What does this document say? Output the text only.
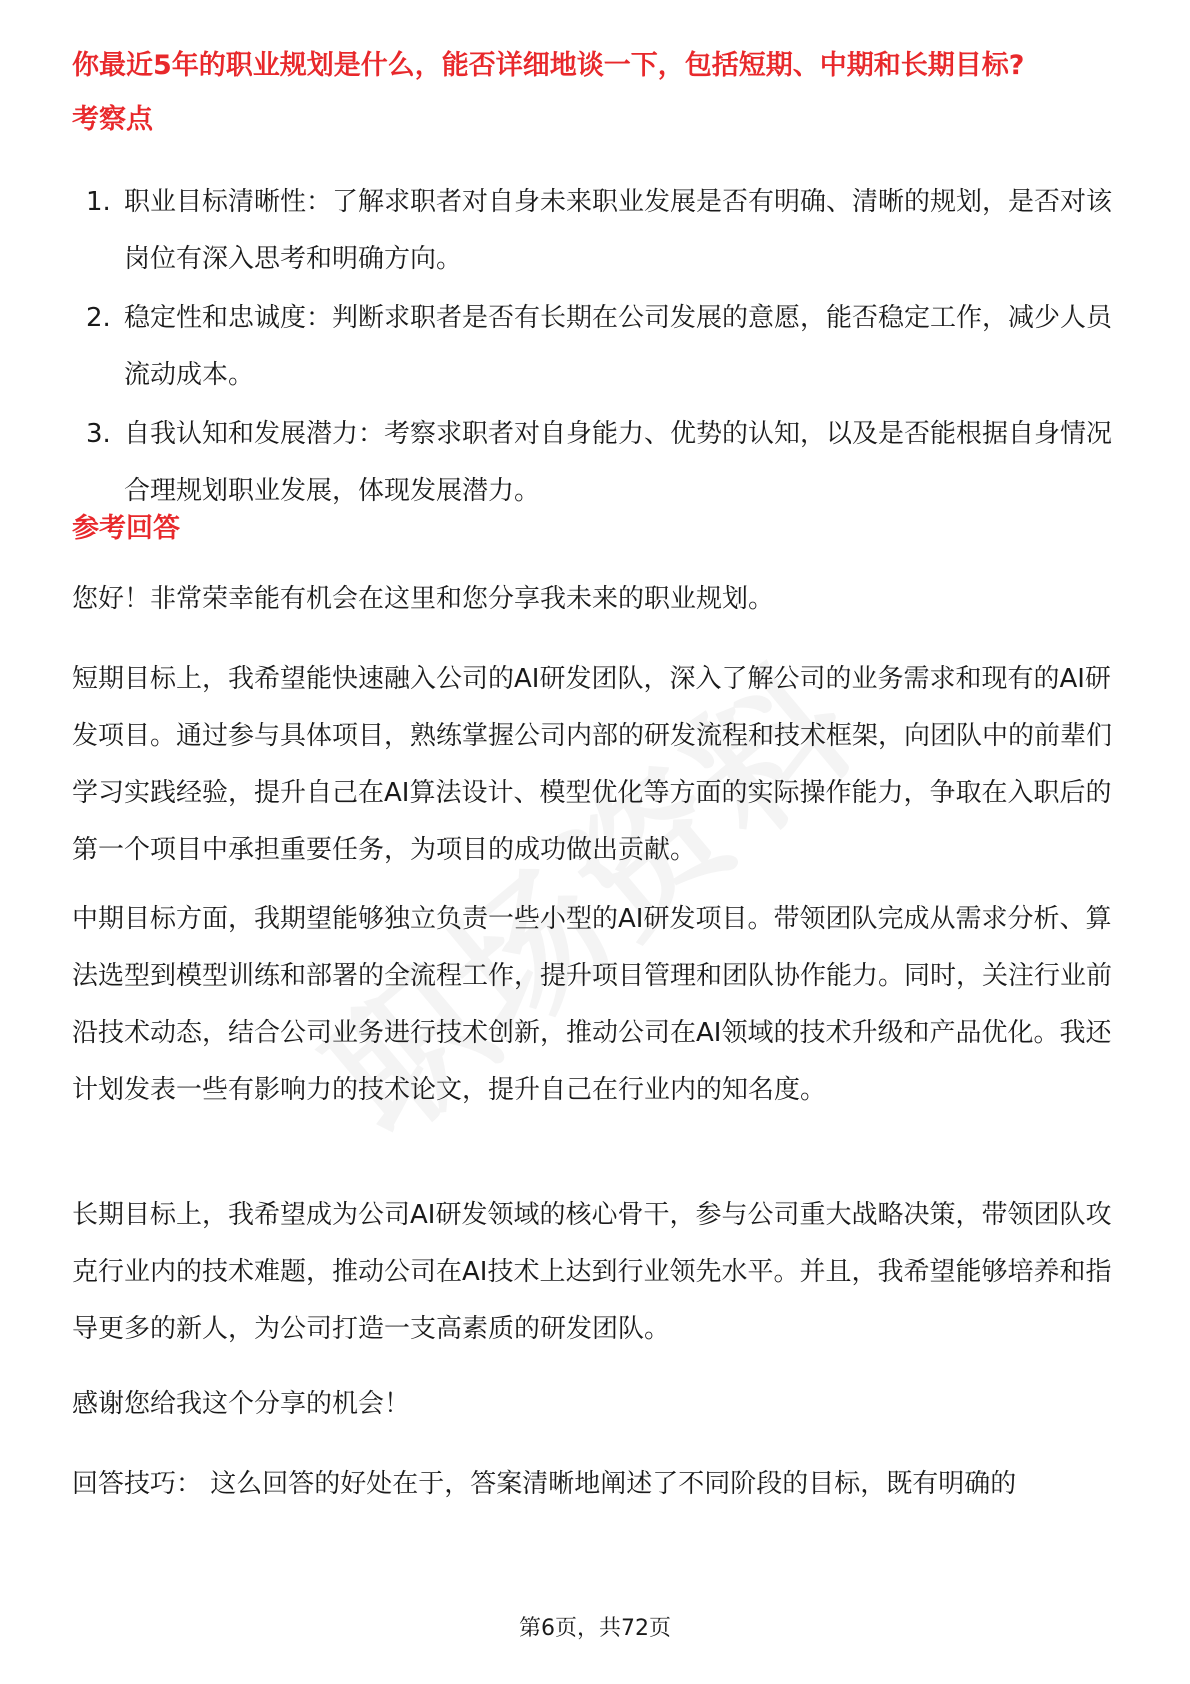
你最近5年的职业规划是什么，能否详细地谈一下，包括短期、中期和长期目标?
考察点
1. 职业目标清晰性：了解求职者对自身未来职业发展是否有明确、清晰的规划，是否对该岗位有深入思考和明确方向。
2. 稳定性和忠诚度：判断求职者是否有长期在公司发展的意愿，能否稳定工作，减少人员流动成本。
3. 自我认知和发展潜力：考察求职者对自身能力、优势的认知，以及是否能根据自身情况合理规划职业发展，体现发展潜力。
参考回答
您好！非常荣幸能有机会在这里和您分享我未来的职业规划。
短期目标上，我希望能快速融入公司的AI研发团队，深入了解公司的业务需求和现有的AI研发项目。通过参与具体项目，熟练掌握公司内部的研发流程和技术框架，向团队中的前辈们学习实践经验，提升自己在AI算法设计、模型优化等方面的实际操作能力，争取在入职后的第一个项目中承担重要任务，为项目的成功做出贡献。
中期目标方面，我期望能够独立负责一些小型的AI研发项目。带领团队完成从需求分析、算法选型到模型训练和部署的全流程工作，提升项目管理和团队协作能力。同时，关注行业前沿技术动态，结合公司业务进行技术创新，推动公司在AI领域的技术升级和产品优化。我还计划发表一些有影响力的技术论文，提升自己在行业内的知名度。
长期目标上，我希望成为公司AI研发领域的核心骨干，参与公司重大战略决策，带领团队攻克行业内的技术难题，推动公司在AI技术上达到行业领先水平。并且，我希望能够培养和指导更多的新人，为公司打造一支高素质的研发团队。
感谢您给我这个分享的机会！
回答技巧： 这么回答的好处在于，答案清晰地阐述了不同阶段的目标，既有明确的
第6页，共72页
